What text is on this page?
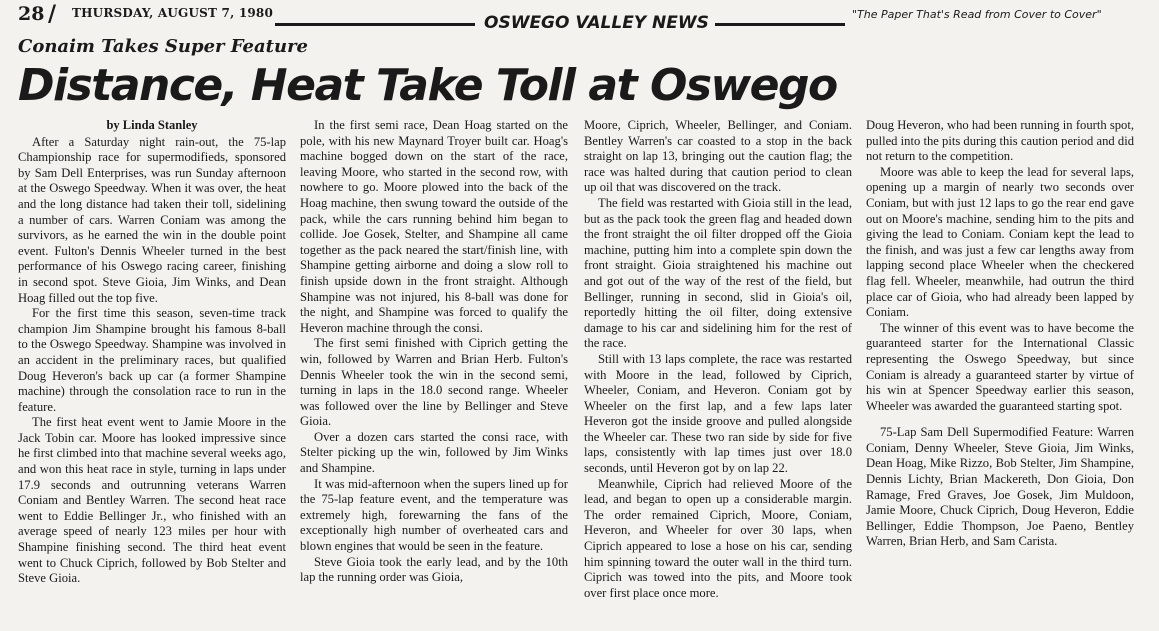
28 / THURSDAY, AUGUST 7, 1980	OSWEGO VALLEY NEWS	"The Paper That's Read from Cover to Cover"
Conaim Takes Super Feature
Distance, Heat Take Toll at Oswego
by Linda Stanley

After a Saturday night rain-out, the 75-lap Championship race for supermodifieds, sponsored by Sam Dell Enterprises, was run Sunday afternoon at the Oswego Speedway. When it was over, the heat and the long distance had taken their toll, sidelining a number of cars. Warren Coniam was among the survivors, as he earned the win in the double point event. Fulton's Dennis Wheeler turned in the best performance of his Oswego racing career, finishing in second spot. Steve Gioia, Jim Winks, and Dean Hoag filled out the top five.

For the first time this season, seven-time track champion Jim Shampine brought his famous 8-ball to the Oswego Speedway. Shampine was involved in an accident in the preliminary races, but qualified Doug Heveron's back up car (a former Shampine machine) through the consolation race to run in the feature.

The first heat event went to Jamie Moore in the Jack Tobin car. Moore has looked impressive since he first climbed into that machine several weeks ago, and won this heat race in style, turning in laps under 17.9 seconds and outrunning veterans Warren Coniam and Bentley Warren. The second heat race went to Eddie Bellinger Jr., who finished with an average speed of nearly 123 miles per hour with Shampine finishing second. The third heat event went to Chuck Ciprich, followed by Bob Stelter and Steve Gioia.

In the first semi race, Dean Hoag started on the pole, with his new Maynard Troyer built car. Hoag's machine bogged down on the start of the race, leaving Moore, who started in the second row, with nowhere to go. Moore plowed into the back of the Hoag machine, then swung toward the outside of the pack, while the cars running behind him began to collide. Joe Gosek, Stelter, and Shampine all came together as the pack neared the start/finish line, with Shampine getting airborne and doing a slow roll to finish upside down in the front straight. Although Shampine was not injured, his 8-ball was done for the night, and Shampine was forced to qualify the Heveron machine through the consi.

The first semi finished with Ciprich getting the win, followed by Warren and Brian Herb. Fulton's Dennis Wheeler took the win in the second semi, turning in laps in the 18.0 second range. Wheeler was followed over the line by Bellinger and Steve Gioia.

Over a dozen cars started the consi race, with Stelter picking up the win, followed by Jim Winks and Shampine.

It was mid-afternoon when the supers lined up for the 75-lap feature event, and the temperature was extremely high, forewarning the fans of the exceptionally high number of overheated cars and blown engines that would be seen in the feature.

Steve Gioia took the early lead, and by the 10th lap the running order was Gioia,

Moore, Ciprich, Wheeler, Bellinger, and Coniam. Bentley Warren's car coasted to a stop in the back straight on lap 13, bringing out the caution flag; the race was halted during that caution period to clean up oil that was discovered on the track.

The field was restarted with Gioia still in the lead, but as the pack took the green flag and headed down the front straight the oil filter dropped off the Gioia machine, putting him into a complete spin down the front straight. Gioia straightened his machine out and got out of the way of the rest of the field, but Bellinger, running in second, slid in Gioia's oil, reportedly hitting the oil filter, doing extensive damage to his car and sidelining him for the rest of the race.

Still with 13 laps complete, the race was restarted with Moore in the lead, followed by Ciprich, Wheeler, Coniam, and Heveron. Coniam got by Wheeler on the first lap, and a few laps later Heveron got the inside groove and pulled alongside the Wheeler car. These two ran side by side for five laps, consistently with lap times just over 18.0 seconds, until Heveron got by on lap 22.

Meanwhile, Ciprich had relieved Moore of the lead, and began to open up a considerable margin. The order remained Ciprich, Moore, Coniam, Heveron, and Wheeler for over 30 laps, when Ciprich appeared to lose a hose on his car, sending him spinning toward the outer wall in the third turn. Ciprich was towed into the pits, and Moore took over first place once more.

Doug Heveron, who had been running in fourth spot, pulled into the pits during this caution period and did not return to the competition.

Moore was able to keep the lead for several laps, opening up a margin of nearly two seconds over Coniam, but with just 12 laps to go the rear end gave out on Moore's machine, sending him to the pits and giving the lead to Coniam. Coniam kept the lead to the finish, and was just a few car lengths away from lapping second place Wheeler when the checkered flag fell. Wheeler, meanwhile, had outrun the third place car of Gioia, who had already been lapped by Coniam.

The winner of this event was to have become the guaranteed starter for the International Classic representing the Oswego Speedway, but since Coniam is already a guaranteed starter by virtue of his win at Spencer Speedway earlier this season, Wheeler was awarded the guaranteed starting spot.

75-Lap Sam Dell Supermodified Feature: Warren Coniam, Denny Wheeler, Steve Gioia, Jim Winks, Dean Hoag, Mike Rizzo, Bob Stelter, Jim Shampine, Dennis Lichty, Brian Mackereth, Don Gioia, Don Ramage, Fred Graves, Joe Gosek, Jim Muldoon, Jamie Moore, Chuck Ciprich, Doug Heveron, Eddie Bellinger, Eddie Thompson, Joe Paeno, Bentley Warren, Brian Herb, and Sam Carista.
